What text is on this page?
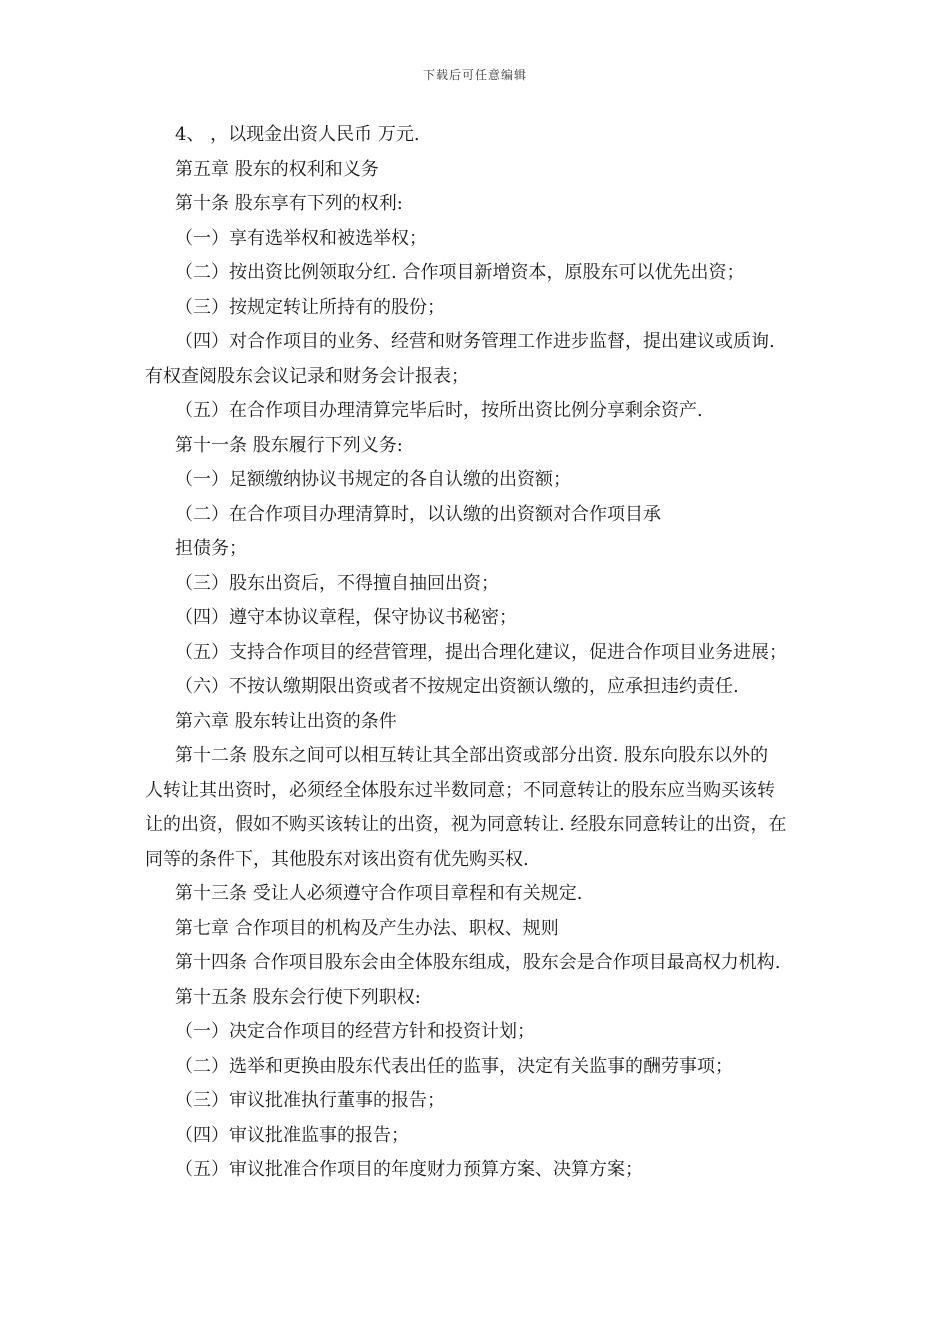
下载后可任意编辑
4、 ，以现金出资人民币 万元.
第五章 股东的权利和义务
第十条 股东享有下列的权利:
（一）享有选举权和被选举权；
（二）按出资比例领取分红. 合作项目新增资本，原股东可以优先出资；
（三）按规定转让所持有的股份；
（四）对合作项目的业务、经营和财务管理工作进步监督，提出建议或质询.
有权查阅股东会议记录和财务会计报表；
（五）在合作项目办理清算完毕后时，按所出资比例分享剩余资产.
第十一条 股东履行下列义务:
（一）足额缴纳协议书规定的各自认缴的出资额；
（二）在合作项目办理清算时，以认缴的出资额对合作项目承
担债务；
（三）股东出资后，不得擅自抽回出资；
（四）遵守本协议章程，保守协议书秘密；
（五）支持合作项目的经营管理，提出合理化建议，促进合作项目业务进展；
（六）不按认缴期限出资或者不按规定出资额认缴的，应承担违约责任.
第六章 股东转让出资的条件
第十二条 股东之间可以相互转让其全部出资或部分出资. 股东向股东以外的
人转让其出资时，必须经全体股东过半数同意；不同意转让的股东应当购买该转
让的出资，假如不购买该转让的出资，视为同意转让. 经股东同意转让的出资，在
同等的条件下，其他股东对该出资有优先购买权.
第十三条 受让人必须遵守合作项目章程和有关规定.
第七章 合作项目的机构及产生办法、职权、规则
第十四条 合作项目股东会由全体股东组成，股东会是合作项目最高权力机构.
第十五条 股东会行使下列职权:
（一）决定合作项目的经营方针和投资计划；
（二）选举和更换由股东代表出任的监事，决定有关监事的酬劳事项；
（三）审议批准执行董事的报告；
（四）审议批准监事的报告；
（五）审议批准合作项目的年度财力预算方案、决算方案；
